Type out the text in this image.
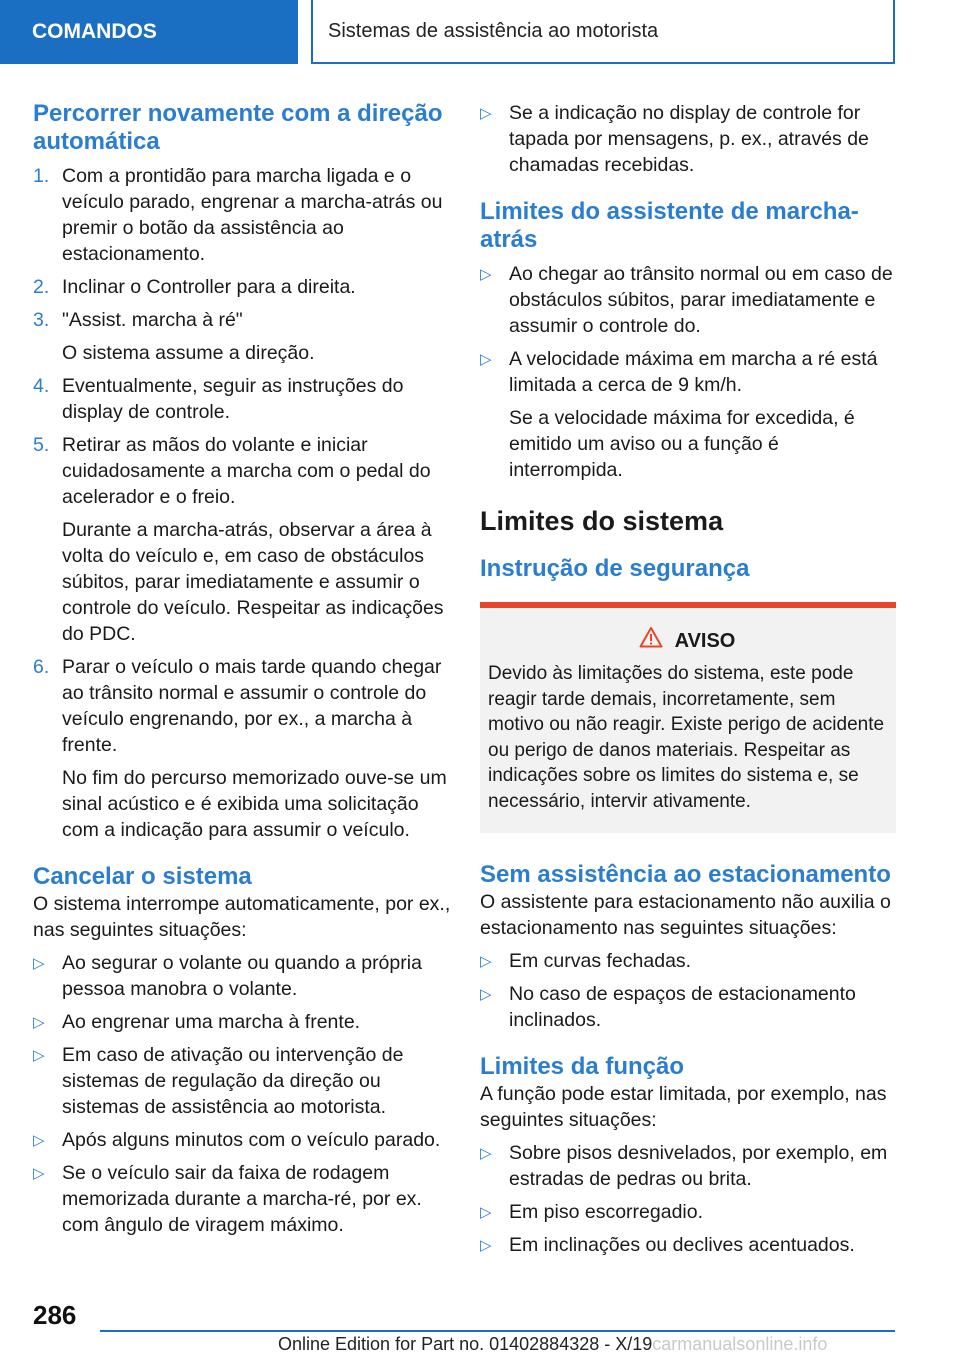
COMANDOS	Sistemas de assistência ao motorista
Percorrer novamente com a direção automática
1. Com a prontidão para marcha ligada e o veículo parado, engrenar a marcha-atrás ou premir o botão da assistência ao estacionamento.
2. Inclinar o Controller para a direita.
3. "Assist. marcha à ré"
O sistema assume a direção.
4. Eventualmente, seguir as instruções do display de controle.
5. Retirar as mãos do volante e iniciar cuidadosamente a marcha com o pedal do acelerador e o freio.
Durante a marcha-atrás, observar a área à volta do veículo e, em caso de obstáculos súbitos, parar imediatamente e assumir o controle do veículo. Respeitar as indicações do PDC.
6. Parar o veículo o mais tarde quando chegar ao trânsito normal e assumir o controle do veículo engrenando, por ex., a marcha à frente.
No fim do percurso memorizado ouve-se um sinal acústico e é exibida uma solicitação com a indicação para assumir o veículo.
Cancelar o sistema

O sistema interrompe automaticamente, por ex., nas seguintes situações:

▷ Ao segurar o volante ou quando a própria pessoa manobra o volante.
▷ Ao engrenar uma marcha à frente.
▷ Em caso de ativação ou intervenção de sistemas de regulação da direção ou sistemas de assistência ao motorista.
▷ Após alguns minutos com o veículo parado.
▷ Se o veículo sair da faixa de rodagem memorizada durante a marcha-ré, por ex. com ângulo de viragem máximo.
▷ Se a indicação no display de controle for tapada por mensagens, p. ex., através de chamadas recebidas.
Limites do assistente de marcha-atrás
▷ Ao chegar ao trânsito normal ou em caso de obstáculos súbitos, parar imediatamente e assumir o controle do.
▷ A velocidade máxima em marcha a ré está limitada a cerca de 9 km/h.
Se a velocidade máxima for excedida, é emitido um aviso ou a função é interrompida.
Limites do sistema
Instrução de segurança
AVISO

Devido às limitações do sistema, este pode reagir tarde demais, incorretamente, sem motivo ou não reagir. Existe perigo de acidente ou perigo de danos materiais. Respeitar as indicações sobre os limites do sistema e, se necessário, intervir ativamente.

Sem assistência ao estacionamento

O assistente para estacionamento não auxilia o estacionamento nas seguintes situações:

▷ Em curvas fechadas.
▷ No caso de espaços de estacionamento inclinados.
Limites da função

A função pode estar limitada, por exemplo, nas seguintes situações:

▷ Sobre pisos desnivelados, por exemplo, em estradas de pedras ou brita.
▷ Em piso escorregadio.
▷ Em inclinações ou declives acentuados.
286
Online Edition for Part no. 01402884328 - X/19carmanualsonline.info
